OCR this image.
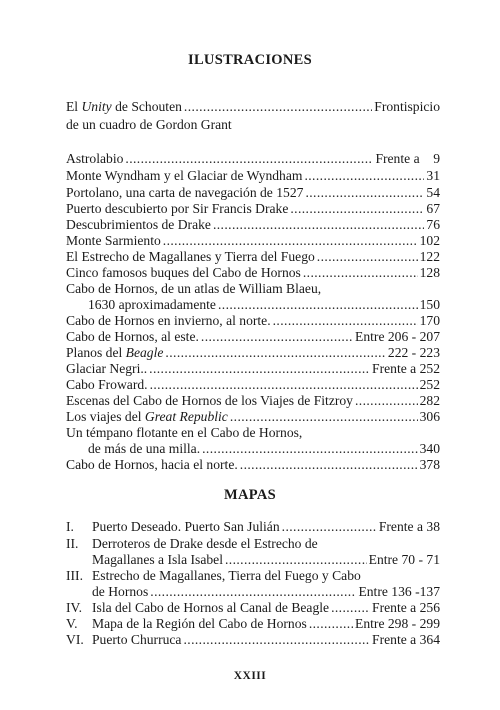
ILUSTRACIONES
El Unity de Schouten .....	Frontispicio
de un cuadro de Gordon Grant
Astrolabio .....	Frente a    9
Monte Wyndham y el Glaciar de Wyndham .....	31
Portolano, una carta de navegación de 1527 .....	54
Puerto descubierto por Sir Francis Drake .....	67
Descubrimientos de Drake .....	76
Monte Sarmiento .....	102
El Estrecho de Magallanes y Tierra del Fuego .....	122
Cinco famosos buques del Cabo de Hornos .....	128
Cabo de Hornos, de un atlas de William Blaeu,
1630 aproximadamente .....	150
Cabo de Hornos en invierno, al norte. .....	170
Cabo de Hornos, al este. .....	Entre 206 - 207
Planos del Beagle .....	222 - 223
Glaciar Negri.. .....	Frente a 252
Cabo Froward. .....	252
Escenas del Cabo de Hornos de los Viajes de Fitzroy .....	282
Los viajes del Great Republic .....	306
Un témpano flotante en el Cabo de Hornos,
de más de una milla. .....	340
Cabo de Hornos, hacia el norte. .....	378
MAPAS
I.	Puerto Deseado. Puerto San Julián .....	Frente a 38
II. Derroteros de Drake desde el Estrecho de
Magallanes a Isla Isabel .....	Entre 70 - 71
III. Estrecho de Magallanes, Tierra del Fuego y Cabo
de Hornos .....	Entre 136 -137
IV. Isla del Cabo de Hornos al Canal de Beagle .....	Frente a 256
V.	Mapa de la Región del Cabo de Hornos .....	Entre 298 - 299
VI. Puerto Churruca .....	Frente a 364
XXIII
